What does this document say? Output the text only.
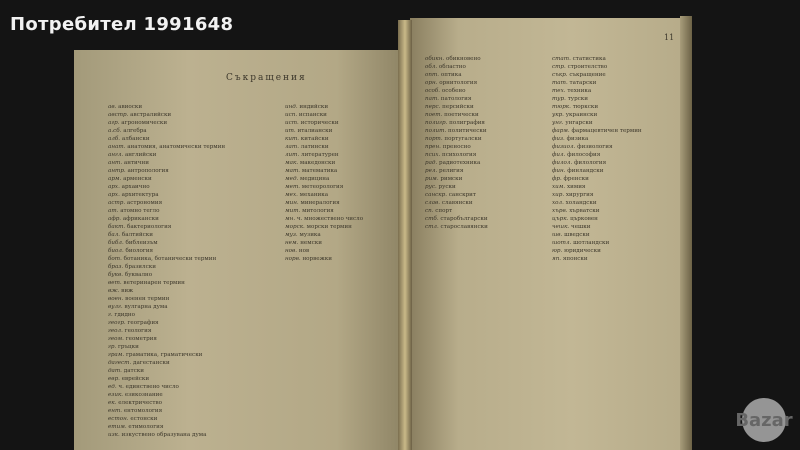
Потребител 1991648
Съкращения
11
ав. авиоски
австр. австралийски
агр. агрономически
а.сб. алгебра
алб. албански
анат. анатомия, анатомически термин
англ. английски
ант. антични
антр. антропология
арм. арменски
арх. архаично
арх. архитектура
астр. астрономия
ат. атомно тегло
афр. африкански
бакт. бактериология
бал. балтийски
библ. библеизъм
биол. биология
бот. ботаника, ботанически термин
браз. бразилски
букв. буквално
вет. ветеринарен термин
вж. виж
воен. военен термин
вулг. вулгарна дума
г. гдидно
геогр. география
геол. геология
геом. геометрия
гр. гръцки
грам. граматика, граматически
дагест. дагестански
дат. датски
евр. еврейски
ед. ч. единствено число
език. езикознание
ек. електричество
ент. ентомология
естон. естонски
етим. етимология
изк. изкуствено образувана дума
инд. индийски
исп. испански
ист. исторически
ит. италиански
кит. китайски
лат. латински
лит. литературен
мак. македонски
мат. математика
мед. медицина
мет. метеорология
мех. механика
мин. минералогия
мит. митология
мн. ч. множествено число
морск. морски термин
муз. музика
нем. немски
нов. нов
норв. норвежки
обикн. обикновено
обл. областно
опт. оптика
орн. орнитология
особ. особено
пат. патология
перс. персийски
поет. поетически
полигр. полиграфия
полит. политически
порт. португалски
прен. преносно
псих. психология
рад. радиотехника
рел. религия
рим. римски
рус. руски
санскр. санскрит
слав. славянски
сп. спорт
стб. старобългарски
стл. старославянски
стат. статистика
стр. строителство
съкр. съкращение
тат. татарски
тех. техника
тур. турски
тюрк. тюркски
укр. украински
унг. унгарски
фарм. фармацевтичен термин
физ. физика
физиол. физиология
фил. философия
филол. филология
фин. финландски
фр. френски
хим. химия
хир. хирургия
хол. холандски
хърв. хърватски
църк. църковен
чешк. чешки
шв. шведски
шотл. шотландски
юр. юридически
яп. японски
Bazar
